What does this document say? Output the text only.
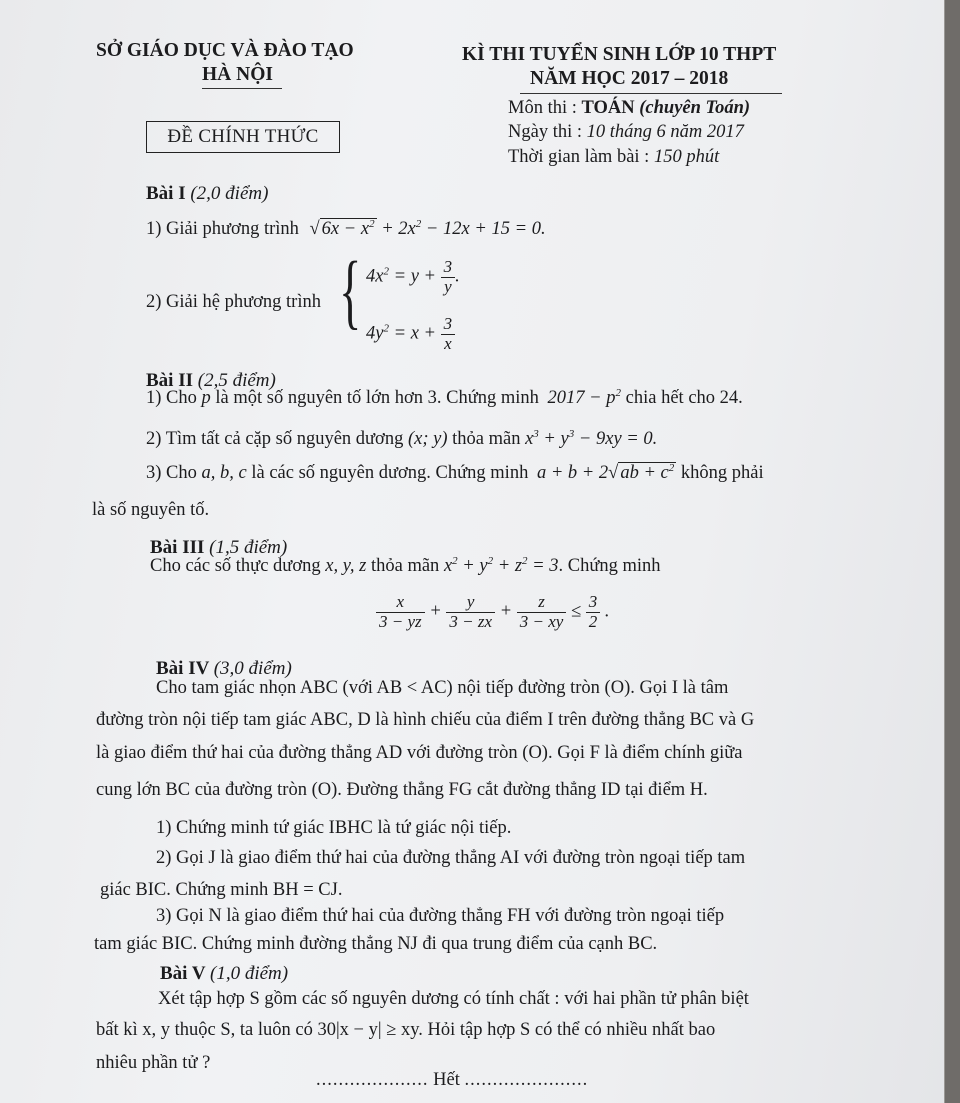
SỞ GIÁO DỤC VÀ ĐÀO TẠO
HÀ NỘI
KÌ THI TUYỂN SINH LỚP 10 THPT
NĂM HỌC 2017 – 2018
Môn thi : TOÁN (chuyên Toán)
Ngày thi : 10 tháng 6 năm 2017
Thời gian làm bài : 150 phút
ĐỀ CHÍNH THỨC
Bài I (2,0 điểm)
1) Giải phương trình √ $6x - x^2 + 2x^2 - 12x + 15 = 0$.
2) Giải hệ phương trình { $4x^2 = y + \frac{3}{y}$ .
$4y^2 = x + \frac{3}{x}$
Bài II (2,5 điểm)
1) Cho p là một số nguyên tố lớn hơn 3. Chứng minh $2017 - p^2$ chia hết cho 24.
2) Tìm tất cả cặp số nguyên dương (x; y) thỏa mãn $x^3 + y^3 - 9xy = 0$.
3) Cho a, b, c là các số nguyên dương. Chứng minh a + b + 2√ ab + $c^2$ không phải
là số nguyên tố.
Bài III (1,5 điểm)
Cho các số thực dương x, y, z thỏa mãn $x^2 + y^2 + z^2 = 3$. Chứng minh
$\frac{x}{3 - yz} + \frac{y}{3 - zx} + \frac{z}{3 - xy} \le \frac{3}{2}$ .
Bài IV (3,0 điểm)
Cho tam giác nhọn ABC (với AB < AC) nội tiếp đường tròn (O). Gọi I là tâm
đường tròn nội tiếp tam giác ABC, D là hình chiếu của điểm I trên đường thẳng BC và G
là giao điểm thứ hai của đường thẳng AD với đường tròn (O). Gọi F là điểm chính giữa
cung lớn BC của đường tròn (O). Đường thẳng FG cắt đường thẳng ID tại điểm H.
1) Chứng minh tứ giác IBHC là tứ giác nội tiếp.
2) Gọi J là giao điểm thứ hai của đường thẳng AI với đường tròn ngoại tiếp tam
giác BIC. Chứng minh BH = CJ.
3) Gọi N là giao điểm thứ hai của đường thẳng FH với đường tròn ngoại tiếp
tam giác BIC. Chứng minh đường thẳng NJ đi qua trung điểm của cạnh BC.
Bài V (1,0 điểm)
Xét tập hợp S gồm các số nguyên dương có tính chất : với hai phần tử phân biệt
bất kì x, y thuộc S, ta luôn có 30|x − y| ≥ xy. Hỏi tập hợp S có thể có nhiều nhất bao
nhiêu phần tử ?
.................... Hết ......................
